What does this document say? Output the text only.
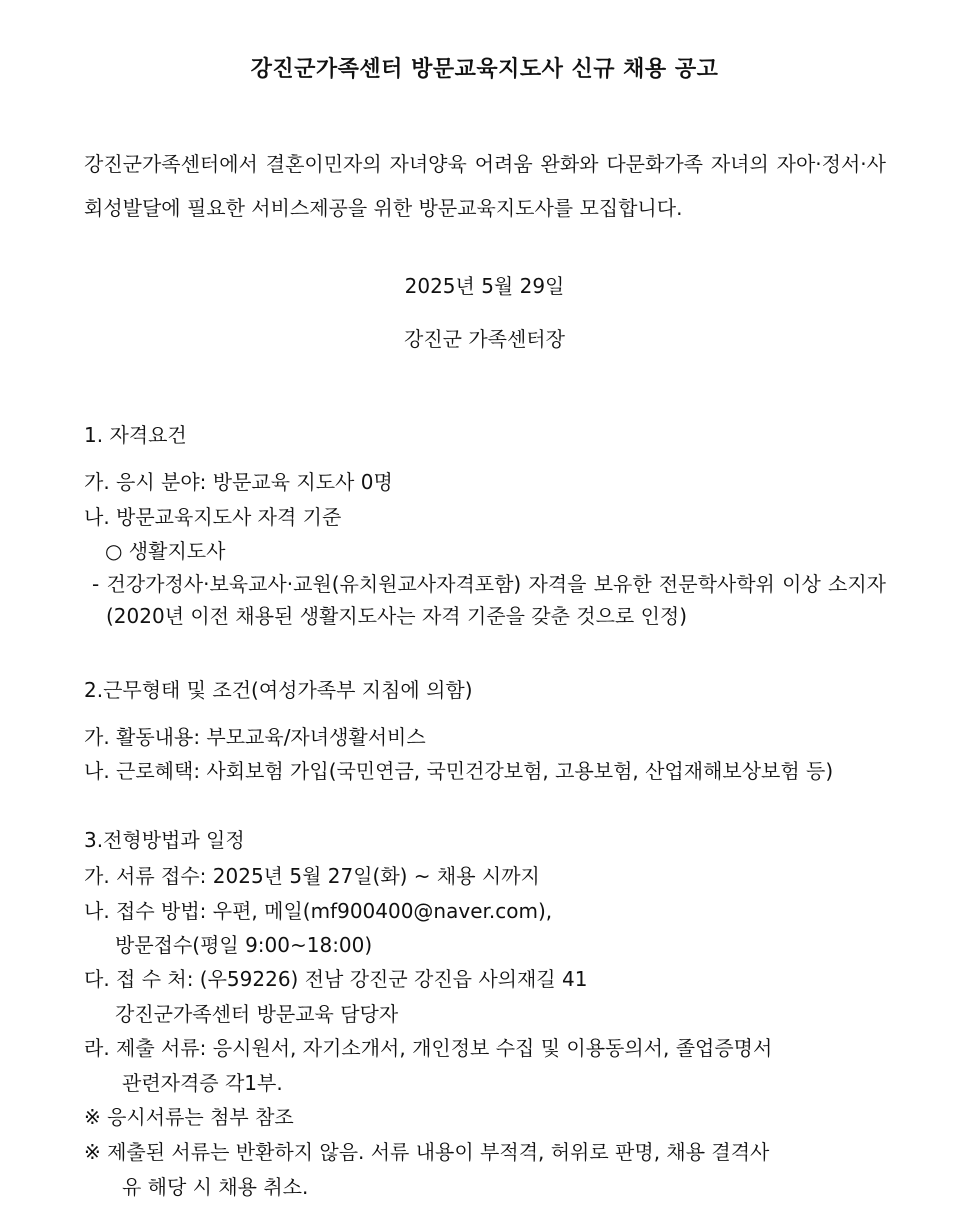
강진군가족센터 방문교육지도사 신규 채용 공고

강진군가족센터에서 결혼이민자의 자녀양육 어려움 완화와 다문화가족 자녀의 자아·정서·사회성발달에 필요한 서비스제공을 위한 방문교육지도사를 모집합니다.

2025년 5월 29일
강진군 가족센터장
1. 자격요건
가. 응시 분야: 방문교육 지도사 0명
나. 방문교육지도사 자격 기준
○ 생활지도사

- 건강가정사·보육교사·교원(유치원교사자격포함) 자격을 보유한 전문학사학위 이상 소지자 (2020년 이전 채용된 생활지도사는 자격 기준을 갖춘 것으로 인정)

2.근무형태 및 조건(여성가족부 지침에 의함)
가. 활동내용: 부모교육/자녀생활서비스
나. 근로혜택: 사회보험 가입(국민연금, 국민건강보험, 고용보험, 산업재해보상보험 등)
3.전형방법과 일정
가. 서류 접수: 2025년 5월 27일(화) ~ 채용 시까지
나. 접수 방법: 우편, 메일(mf900400@naver.com),
방문접수(평일 9:00~18:00)
다. 접 수 처: (우59226) 전남 강진군 강진읍 사의재길 41
강진군가족센터 방문교육 담당자
라. 제출 서류: 응시원서, 자기소개서, 개인정보 수집 및 이용동의서, 졸업증명서
관련자격증 각1부.
※ 응시서류는 첨부 참조
※ 제출된 서류는 반환하지 않음. 서류 내용이 부적격, 허위로 판명, 채용 결격사
유 해당 시 채용 취소.
